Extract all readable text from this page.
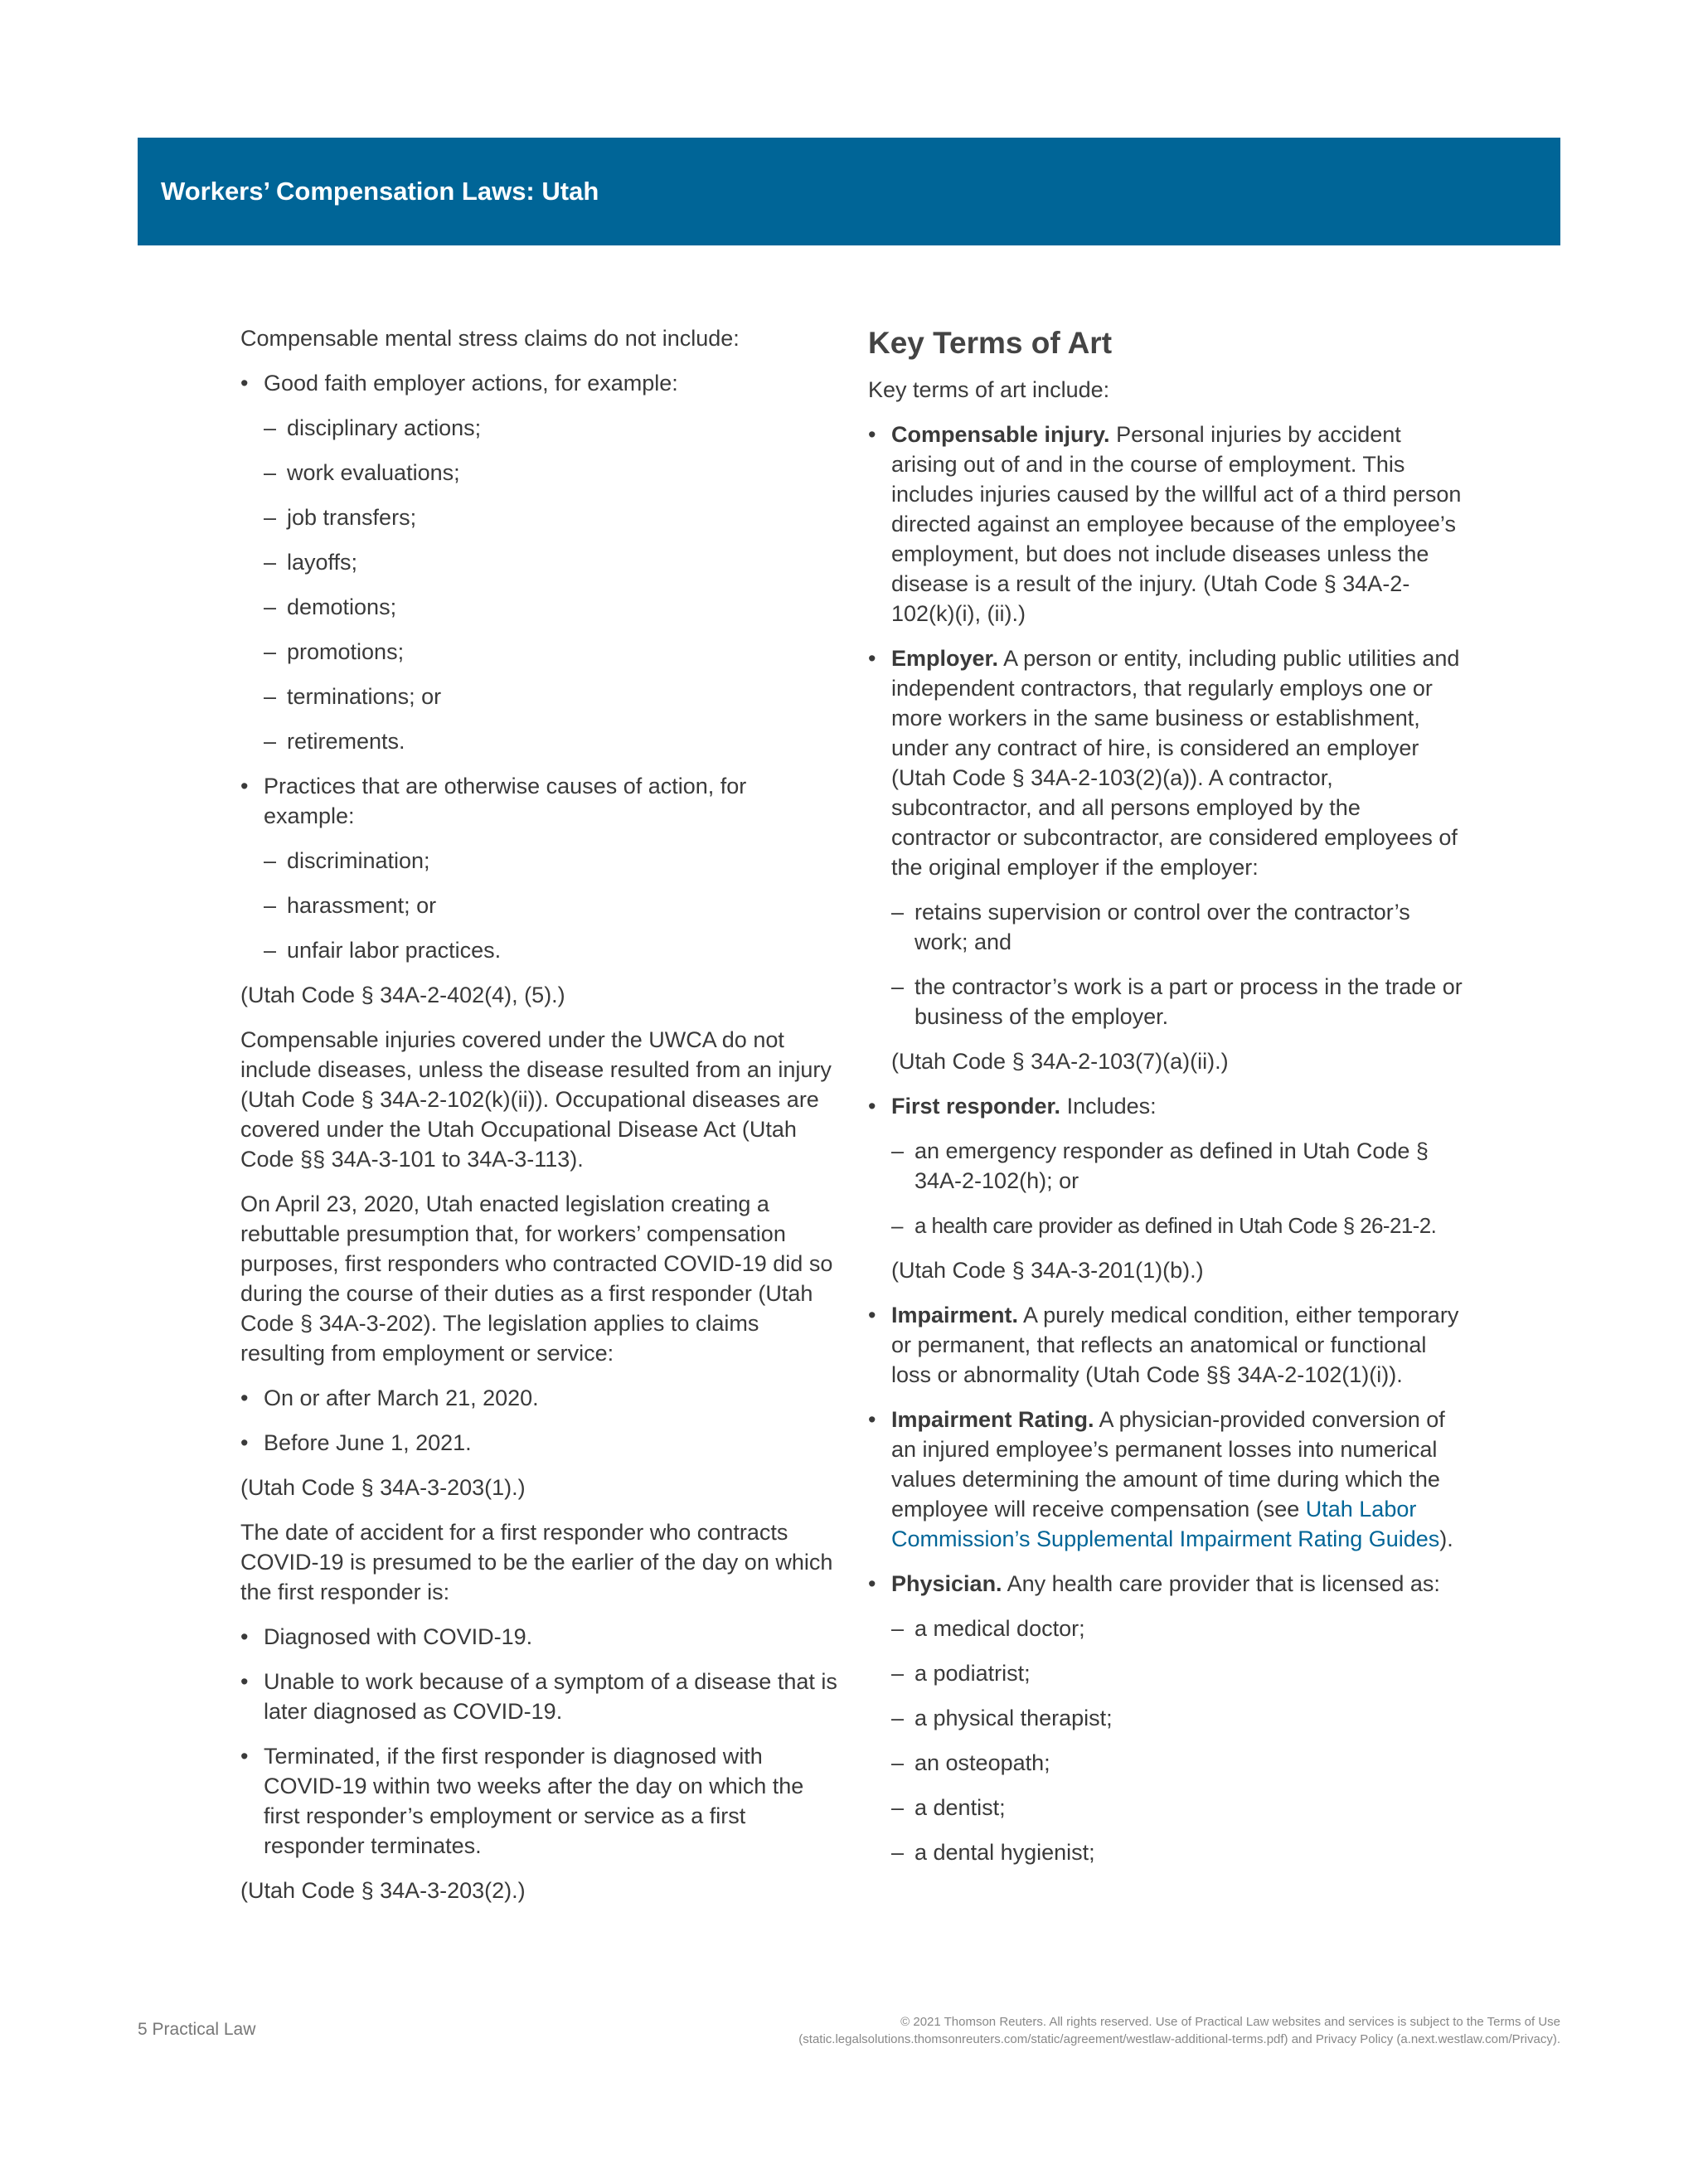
Workers’ Compensation Laws: Utah

Compensable mental stress claims do not include:

• Good faith employer actions, for example:
– disciplinary actions;
– work evaluations;
– job transfers;
– layoffs;
– demotions;
– promotions;
– terminations; or
– retirements.
• Practices that are otherwise causes of action, for example:
– discrimination;
– harassment; or
– unfair labor practices.

(Utah Code § 34A-2-402(4), (5).)

Compensable injuries covered under the UWCA do not include diseases, unless the disease resulted from an injury (Utah Code § 34A-2-102(k)(ii)). Occupational diseases are covered under the Utah Occupational Disease Act (Utah Code §§ 34A-3-101 to 34A-3-113).

On April 23, 2020, Utah enacted legislation creating a rebuttable presumption that, for workers’ compensation purposes, first responders who contracted COVID-19 did so during the course of their duties as a first responder (Utah Code § 34A-3-202). The legislation applies to claims resulting from employment or service:

• On or after March 21, 2020.
• Before June 1, 2021.

(Utah Code § 34A-3-203(1).)

The date of accident for a first responder who contracts COVID-19 is presumed to be the earlier of the day on which the first responder is:

• Diagnosed with COVID-19.
• Unable to work because of a symptom of a disease that is later diagnosed as COVID-19.
• Terminated, if the first responder is diagnosed with COVID-19 within two weeks after the day on which the first responder’s employment or service as a first responder terminates.

(Utah Code § 34A-3-203(2).)

Key Terms of Art

Key terms of art include:

• Compensable injury. Personal injuries by accident arising out of and in the course of employment. This includes injuries caused by the willful act of a third person directed against an employee because of the employee’s employment, but does not include diseases unless the disease is a result of the injury. (Utah Code § 34A-2-102(k)(i), (ii).)
• Employer. A person or entity, including public utilities and independent contractors, that regularly employs one or more workers in the same business or establishment, under any contract of hire, is considered an employer (Utah Code § 34A-2-103(2)(a)). A contractor, subcontractor, and all persons employed by the contractor or subcontractor, are considered employees of the original employer if the employer:
– retains supervision or control over the contractor’s work; and
– the contractor’s work is a part or process in the trade or business of the employer.

(Utah Code § 34A-2-103(7)(a)(ii).)

• First responder. Includes:
– an emergency responder as defined in Utah Code § 34A-2-102(h); or
– a health care provider as defined in Utah Code § 26-21-2.

(Utah Code § 34A-3-201(1)(b).)

• Impairment. A purely medical condition, either temporary or permanent, that reflects an anatomical or functional loss or abnormality (Utah Code §§ 34A-2-102(1)(i)).
• Impairment Rating. A physician-provided conversion of an injured employee’s permanent losses into numerical values determining the amount of time during which the employee will receive compensation (see Utah Labor Commission’s Supplemental Impairment Rating Guides).
• Physician. Any health care provider that is licensed as:
– a medical doctor;
– a podiatrist;
– a physical therapist;
– an osteopath;
– a dentist;
– a dental hygienist;
5 Practical Law	© 2021 Thomson Reuters. All rights reserved. Use of Practical Law websites and services is subject to the Terms of Use
(static.legalsolutions.thomsonreuters.com/static/agreement/westlaw-additional-terms.pdf) and Privacy Policy (a.next.westlaw.com/Privacy).
